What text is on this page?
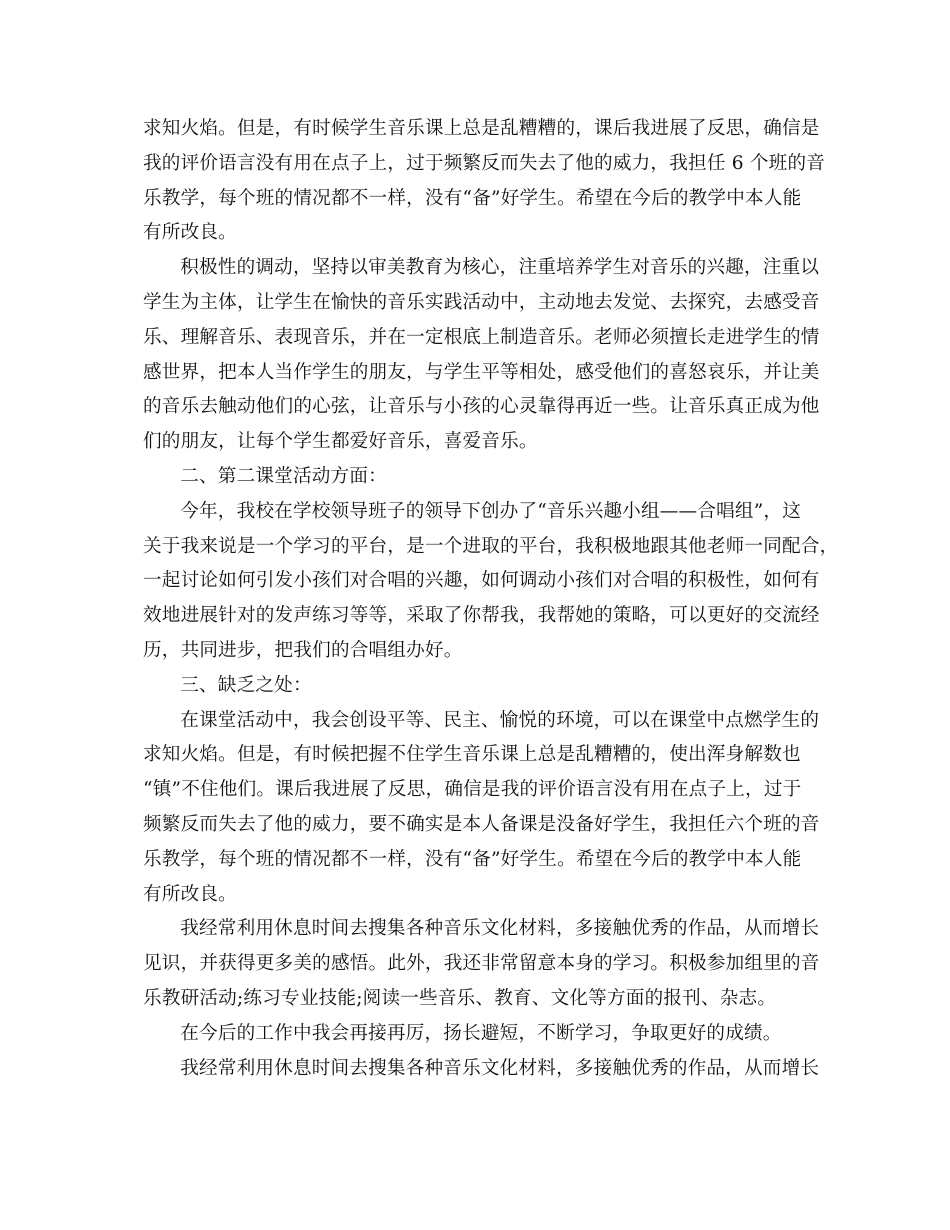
求知火焰。但是，有时候学生音乐课上总是乱糟糟的，课后我进展了反思，确信是
我的评价语言没有用在点子上，过于频繁反而失去了他的威力，我担任 6 个班的音
乐教学，每个班的情况都不一样，没有“备”好学生。希望在今后的教学中本人能
有所改良。

积极性的调动，坚持以审美教育为核心，注重培养学生对音乐的兴趣，注重以
学生为主体，让学生在愉快的音乐实践活动中，主动地去发觉、去探究，去感受音
乐、理解音乐、表现音乐，并在一定根底上制造音乐。老师必须擅长走进学生的情
感世界，把本人当作学生的朋友，与学生平等相处，感受他们的喜怒哀乐，并让美
的音乐去触动他们的心弦，让音乐与小孩的心灵靠得再近一些。让音乐真正成为他
们的朋友，让每个学生都爱好音乐，喜爱音乐。

二、第二课堂活动方面：

今年，我校在学校领导班子的领导下创办了“音乐兴趣小组——合唱组”，这
关于我来说是一个学习的平台，是一个进取的平台，我积极地跟其他老师一同配合，
一起讨论如何引发小孩们对合唱的兴趣，如何调动小孩们对合唱的积极性，如何有
效地进展针对的发声练习等等，采取了你帮我，我帮她的策略，可以更好的交流经
历，共同进步，把我们的合唱组办好。

三、缺乏之处：

在课堂活动中，我会创设平等、民主、愉悦的环境，可以在课堂中点燃学生的
求知火焰。但是，有时候把握不住学生音乐课上总是乱糟糟的，使出浑身解数也
“镇”不住他们。课后我进展了反思，确信是我的评价语言没有用在点子上，过于
频繁反而失去了他的威力，要不确实是本人备课是没备好学生，我担任六个班的音
乐教学，每个班的情况都不一样，没有“备”好学生。希望在今后的教学中本人能
有所改良。

我经常利用休息时间去搜集各种音乐文化材料，多接触优秀的作品，从而增长
见识，并获得更多美的感悟。此外，我还非常留意本身的学习。积极参加组里的音
乐教研活动;练习专业技能;阅读一些音乐、教育、文化等方面的报刊、杂志。

在今后的工作中我会再接再厉，扬长避短，不断学习，争取更好的成绩。

我经常利用休息时间去搜集各种音乐文化材料，多接触优秀的作品，从而增长
